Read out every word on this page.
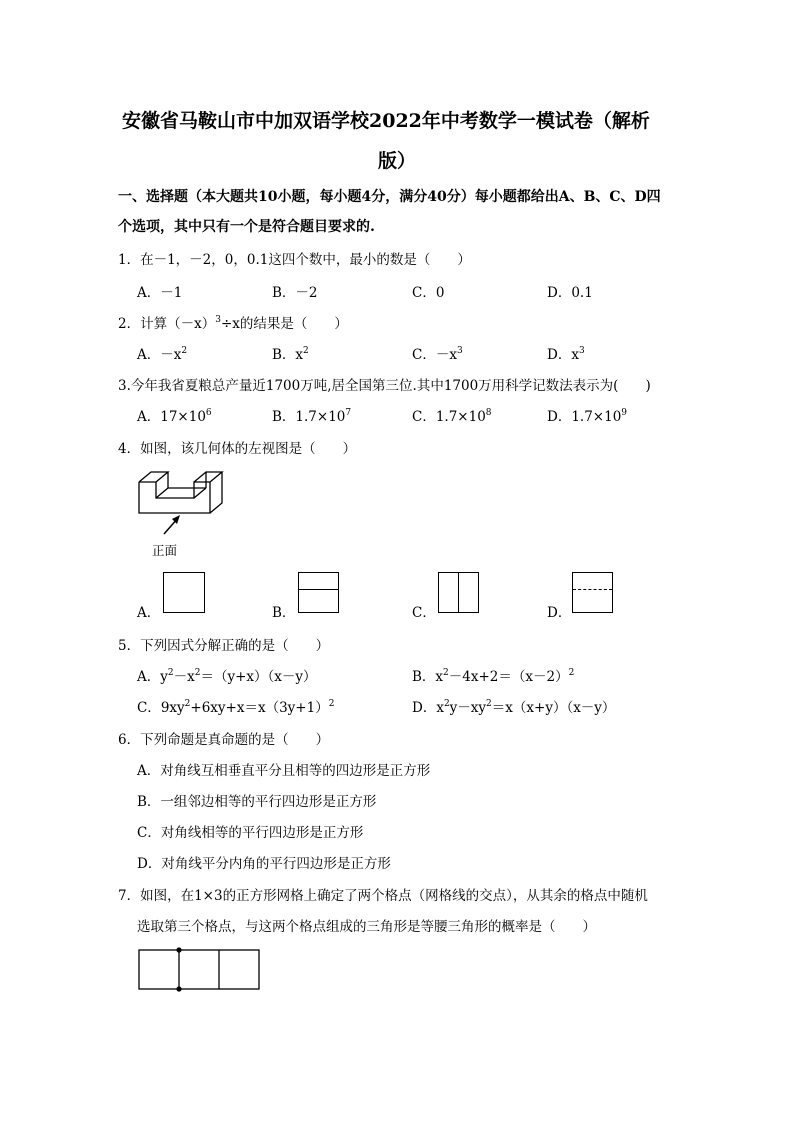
安徽省马鞍山市中加双语学校2022年中考数学一模试卷（解析
版）
一、选择题（本大题共10小题，每小题4分，满分40分）每小题都给出A、B、C、D四
个选项，其中只有一个是符合题目要求的.
1．在－1，－2，0，0.1这四个数中，最小的数是（　　）
A．－1	B．－2	C．0	D．0.1
2．计算$(-x)^3\div x$的结果是（　　）
A．$-x^2$	B．$x^2$	C．$-x^3$	D．$x^3$
3.今年我省夏粮总产量近1700万吨,居全国第三位.其中1700万用科学记数法表示为(　　)
A．$17\times 10^6$	B．$1.7\times 10^7$	C．$1.7\times 10^8$	D．$1.7\times 10^9$
4．如图，该几何体的左视图是（　　）
正面
A．	B．	C．	D．
5．下列因式分解正确的是（　　）
A．$y^2-x^2=(y+x)(x-y)$	B．$x^2-4x+2=(x-2)^2$
C．$9xy^2+6xy+x=x(3y+1)^2$	D．$x^2y-xy^2=x(x+y)(x-y)$
6．下列命题是真命题的是（　　）
A．对角线互相垂直平分且相等的四边形是正方形
B．一组邻边相等的平行四边形是正方形
C．对角线相等的平行四边形是正方形
D．对角线平分内角的平行四边形是正方形
7．如图，在1×3的正方形网格上确定了两个格点（网格线的交点），从其余的格点中随机
选取第三个格点，与这两个格点组成的三角形是等腰三角形的概率是（　　）
